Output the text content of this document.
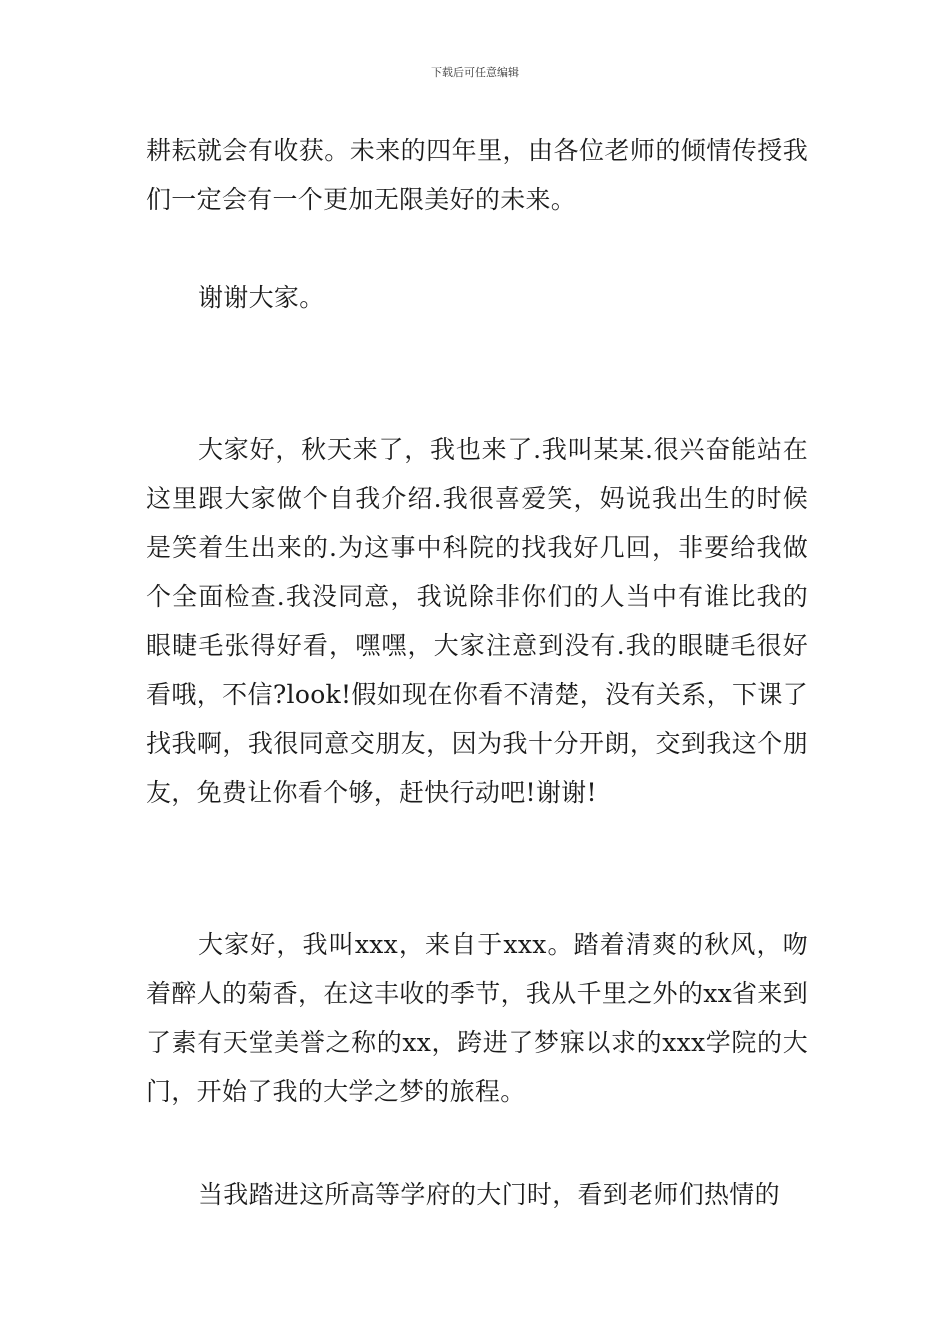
下载后可任意编辑

耕耘就会有收获。未来的四年里，由各位老师的倾情传授我们一定会有一个更加无限美好的未来。

谢谢大家。

大家好，秋天来了，我也来了.我叫某某.很兴奋能站在这里跟大家做个自我介绍.我很喜爱笑，妈说我出生的时候是笑着生出来的.为这事中科院的找我好几回，非要给我做个全面检查.我没同意，我说除非你们的人当中有谁比我的眼睫毛张得好看，嘿嘿，大家注意到没有.我的眼睫毛很好看哦，不信?look!假如现在你看不清楚，没有关系，下课了找我啊，我很同意交朋友，因为我十分开朗，交到我这个朋友，免费让你看个够，赶快行动吧!谢谢!

大家好，我叫xxx，来自于xxx。踏着清爽的秋风，吻着醉人的菊香，在这丰收的季节，我从千里之外的xx省来到了素有天堂美誉之称的xx，跨进了梦寐以求的xxx学院的大门，开始了我的大学之梦的旅程。

当我踏进这所高等学府的大门时，看到老师们热情的
